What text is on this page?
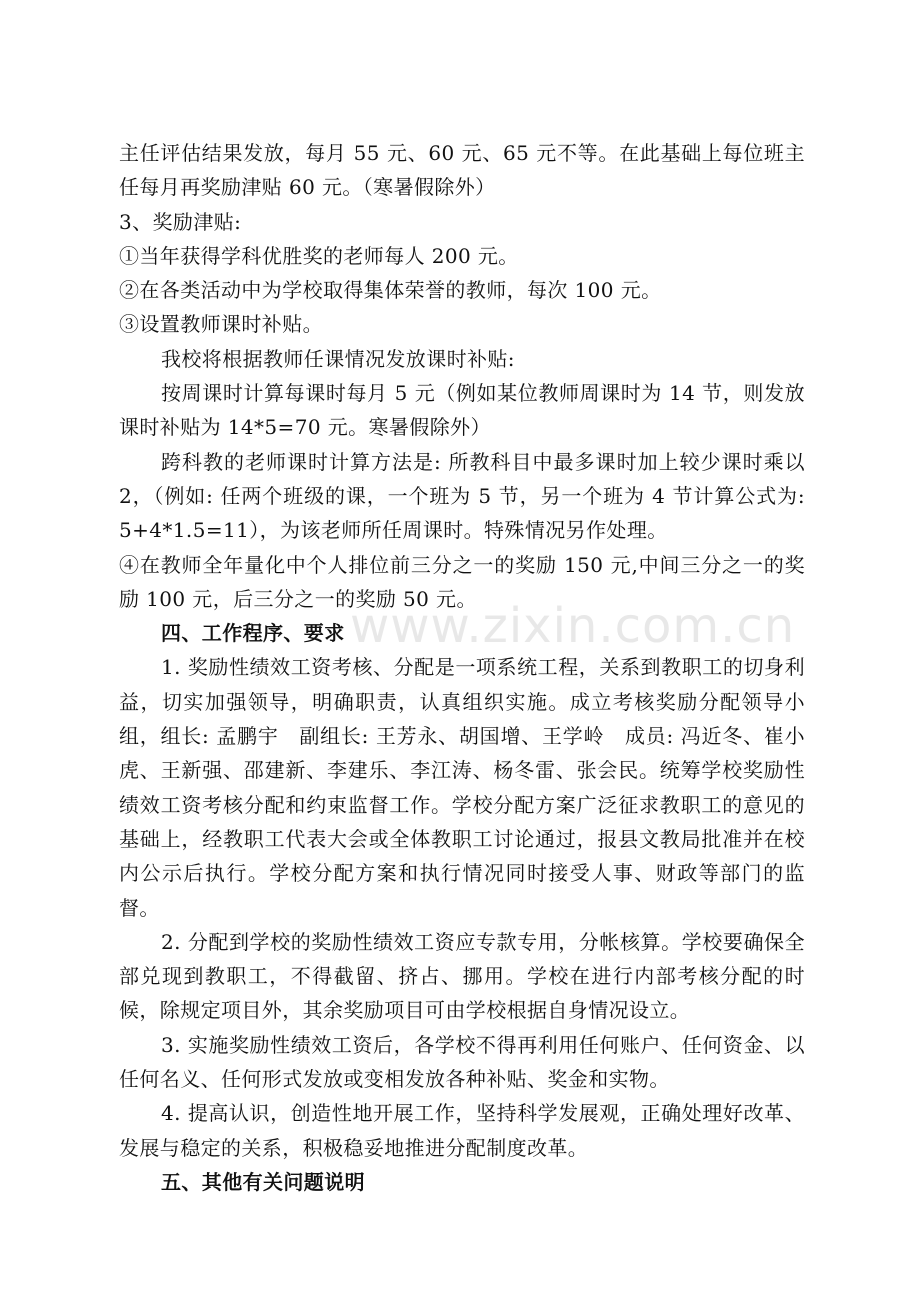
www.zixin.com.cn

主任评估结果发放，每月 55 元、60 元、65 元不等。在此基础上每位班主任每月再奖励津贴 60 元。（寒暑假除外）

3、奖励津贴:

①当年获得学科优胜奖的老师每人 200 元。

②在各类活动中为学校取得集体荣誉的教师，每次 100 元。

③设置教师课时补贴。

我校将根据教师任课情况发放课时补贴:

按周课时计算每课时每月 5 元（例如某位教师周课时为 14 节，则发放课时补贴为 14*5=70 元。寒暑假除外）

跨科教的老师课时计算方法是: 所教科目中最多课时加上较少课时乘以 2，（例如: 任两个班级的课，一个班为 5 节，另一个班为 4 节计算公式为: 5+4*1.5=11），为该老师所任周课时。特殊情况另作处理。

④在教师全年量化中个人排位前三分之一的奖励 150 元,中间三分之一的奖励 100 元，后三分之一的奖励 50 元。

四、工作程序、要求

1. 奖励性绩效工资考核、分配是一项系统工程，关系到教职工的切身利益，切实加强领导，明确职责，认真组织实施。成立考核奖励分配领导小组，组长: 孟鹏宇　副组长: 王芳永、胡国增、王学岭　成员: 冯近冬、崔小虎、王新强、邵建新、李建乐、李江涛、杨冬雷、张会民。统筹学校奖励性绩效工资考核分配和约束监督工作。学校分配方案广泛征求教职工的意见的基础上，经教职工代表大会或全体教职工讨论通过，报县文教局批准并在校内公示后执行。学校分配方案和执行情况同时接受人事、财政等部门的监督。

2. 分配到学校的奖励性绩效工资应专款专用，分帐核算。学校要确保全部兑现到教职工，不得截留、挤占、挪用。学校在进行内部考核分配的时候，除规定项目外，其余奖励项目可由学校根据自身情况设立。

3. 实施奖励性绩效工资后，各学校不得再利用任何账户、任何资金、以任何名义、任何形式发放或变相发放各种补贴、奖金和实物。

4. 提高认识，创造性地开展工作，坚持科学发展观，正确处理好改革、发展与稳定的关系，积极稳妥地推进分配制度改革。

五、其他有关问题说明
